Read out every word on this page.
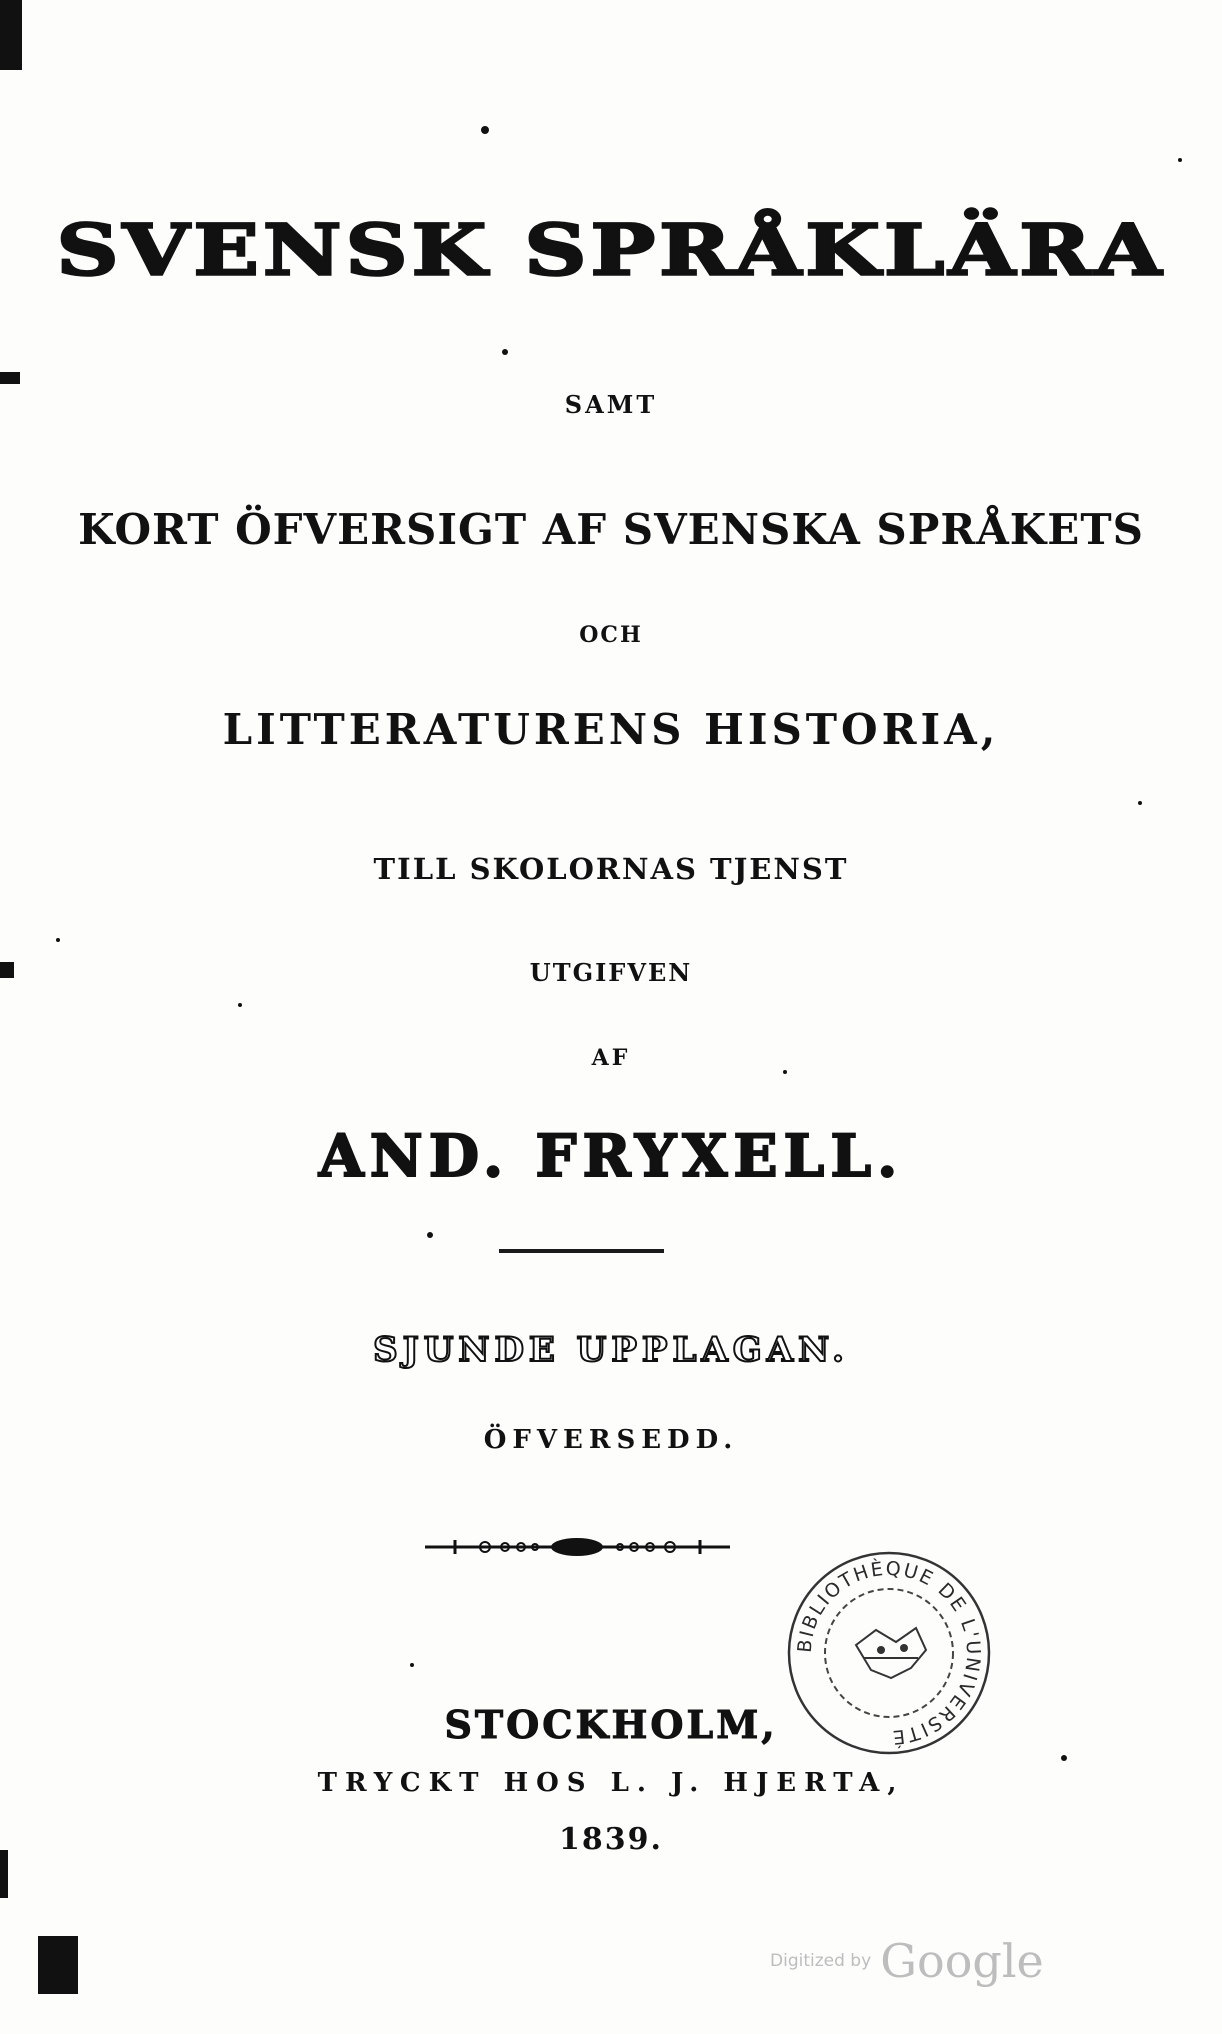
SVENSK SPRÅKLÄRA
SAMT
KORT ÖFVERSIGT AF SVENSKA SPRÅKETS
OCH
LITTERATURENS HISTORIA,
TILL SKOLORNAS TJENST
UTGIFVEN
AF
AND. FRYXELL.
SJUNDE UPPLAGAN.
ÖFVERSEDD.
BIBLIOTHÈQUE DE L'UNIVERSITÉ
STOCKHOLM,
TRYCKT HOS L. J. HJERTA,
1839.
Digitized by Google
